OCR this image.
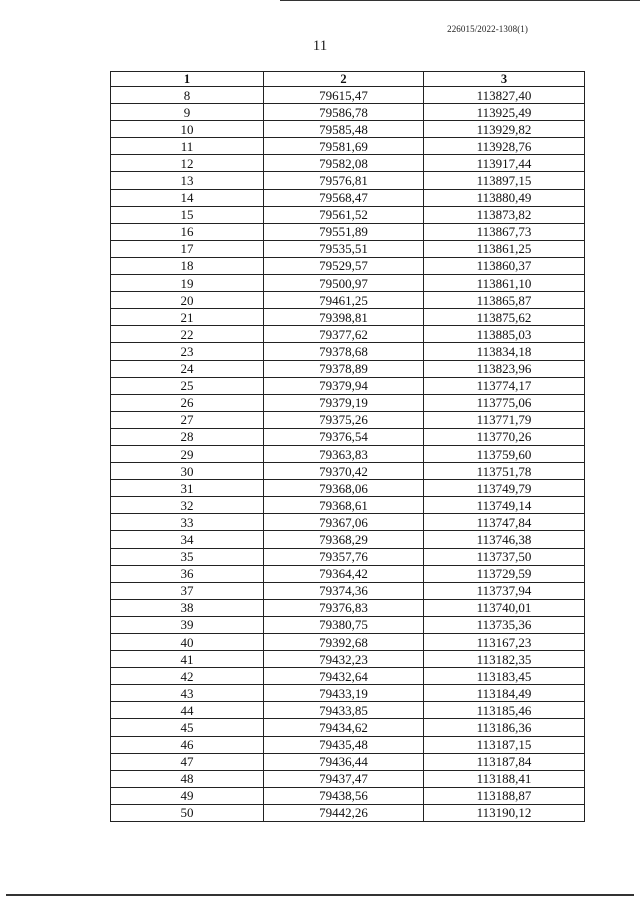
226015/2022-1308(1)
11
1	2	3
8	79615,47	113827,40
9	79586,78	113925,49
10	79585,48	113929,82
11	79581,69	113928,76
12	79582,08	113917,44
13	79576,81	113897,15
14	79568,47	113880,49
15	79561,52	113873,82
16	79551,89	113867,73
17	79535,51	113861,25
18	79529,57	113860,37
19	79500,97	113861,10
20	79461,25	113865,87
21	79398,81	113875,62
22	79377,62	113885,03
23	79378,68	113834,18
24	79378,89	113823,96
25	79379,94	113774,17
26	79379,19	113775,06
27	79375,26	113771,79
28	79376,54	113770,26
29	79363,83	113759,60
30	79370,42	113751,78
31	79368,06	113749,79
32	79368,61	113749,14
33	79367,06	113747,84
34	79368,29	113746,38
35	79357,76	113737,50
36	79364,42	113729,59
37	79374,36	113737,94
38	79376,83	113740,01
39	79380,75	113735,36
40	79392,68	113167,23
41	79432,23	113182,35
42	79432,64	113183,45
43	79433,19	113184,49
44	79433,85	113185,46
45	79434,62	113186,36
46	79435,48	113187,15
47	79436,44	113187,84
48	79437,47	113188,41
49	79438,56	113188,87
50	79442,26	113190,12
